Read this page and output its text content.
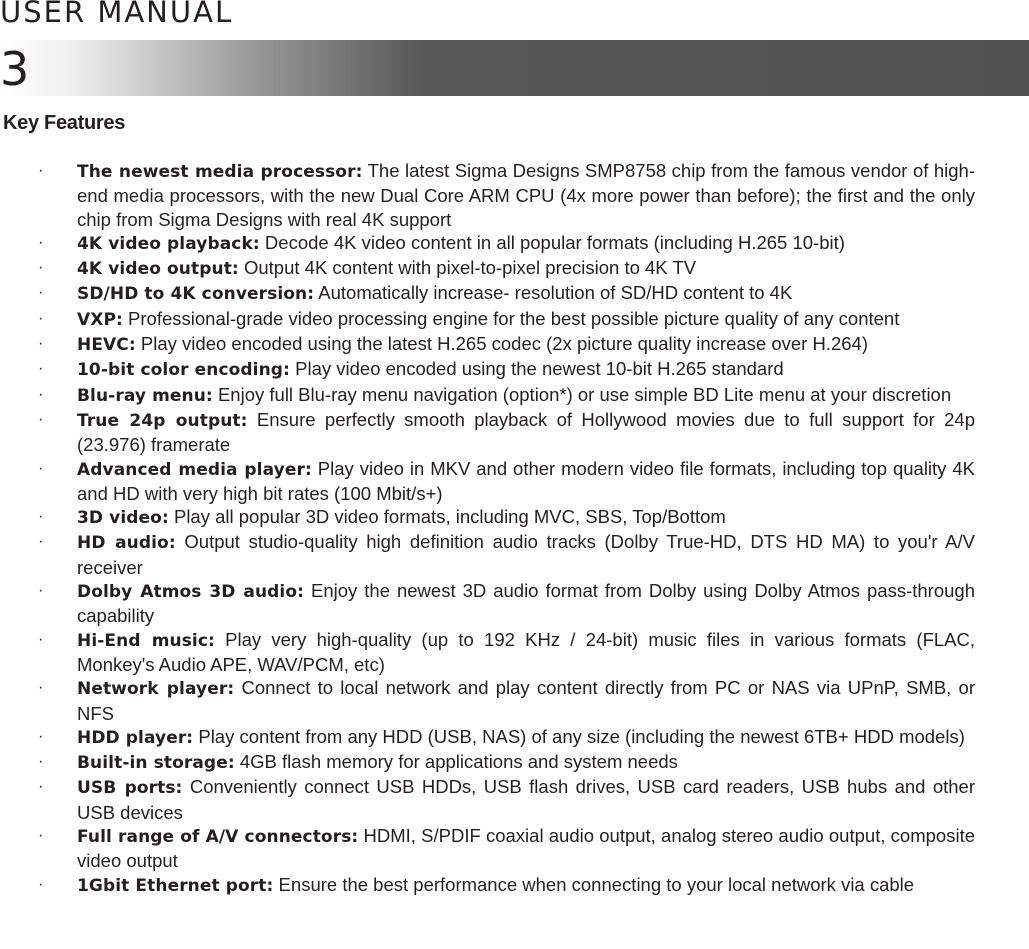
USER MANUAL
3
Key Features
· The newest media processor: The latest Sigma Designs SMP8758 chip from the famous vendor of high-end media processors, with the new Dual Core ARM CPU (4x more power than before); the first and the only chip from Sigma Designs with real 4K support
· 4K video playback: Decode 4K video content in all popular formats (including H.265 10-bit)
· 4K video output: Output 4K content with pixel-to-pixel precision to 4K TV
· SD/HD to 4K conversion: Automatically increase- resolution of SD/HD content to 4K
· VXP: Professional-grade video processing engine for the best possible picture quality of any content
· HEVC: Play video encoded using the latest H.265 codec (2x picture quality increase over H.264)
· 10-bit color encoding: Play video encoded using the newest 10-bit H.265 standard
· Blu-ray menu: Enjoy full Blu-ray menu navigation (option*) or use simple BD Lite menu at your discretion
· True 24p output: Ensure perfectly smooth playback of Hollywood movies due to full support for 24p (23.976) framerate
· Advanced media player: Play video in MKV and other modern video file formats, including top quality 4K and HD with very high bit rates (100 Mbit/s+)
· 3D video: Play all popular 3D video formats, including MVC, SBS, Top/Bottom
· HD audio: Output studio-quality high definition audio tracks (Dolby True-HD, DTS HD MA) to you'r A/V receiver
· Dolby Atmos 3D audio: Enjoy the newest 3D audio format from Dolby using Dolby Atmos pass-through capability
· Hi-End music: Play very high-quality (up to 192 KHz / 24-bit) music files in various formats (FLAC, Monkey's Audio APE, WAV/PCM, etc)
· Network player: Connect to local network and play content directly from PC or NAS via UPnP, SMB, or NFS
· HDD player: Play content from any HDD (USB, NAS) of any size (including the newest 6TB+ HDD models)
· Built-in storage: 4GB flash memory for applications and system needs
· USB ports: Conveniently connect USB HDDs, USB flash drives, USB card readers, USB hubs and other USB devices
· Full range of A/V connectors: HDMI, S/PDIF coaxial audio output, analog stereo audio output, composite video output
· 1Gbit Ethernet port: Ensure the best performance when connecting to your local network via cable
